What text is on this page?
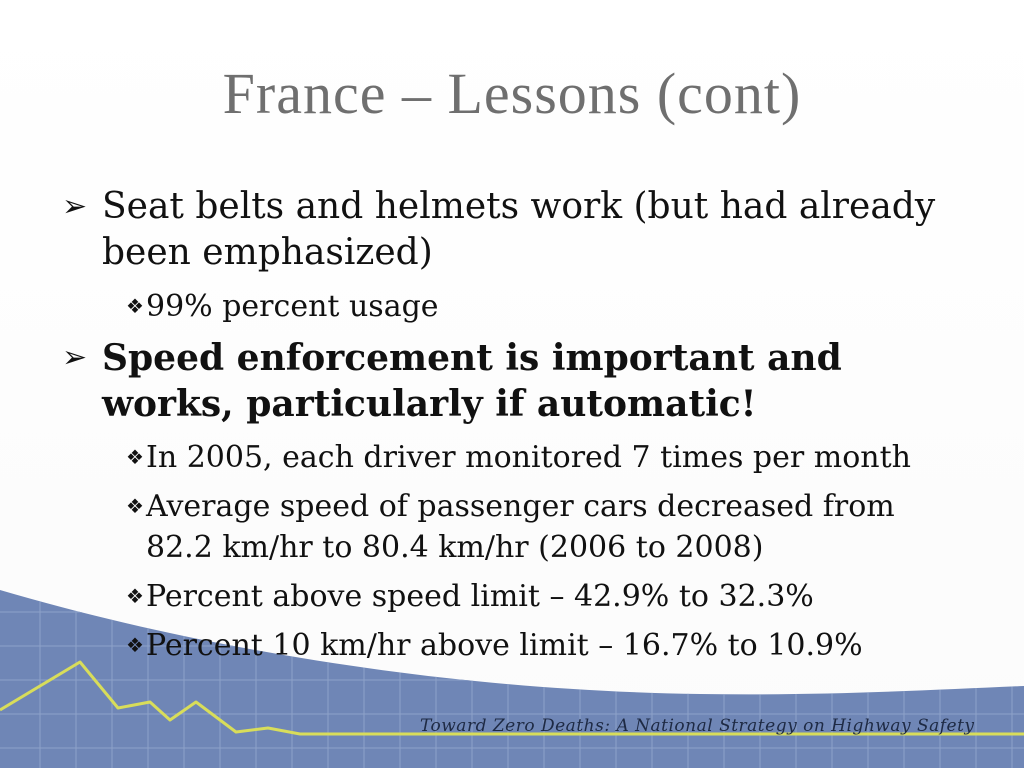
Toward Zero Deaths: A National Strategy on Highway Safety
France – Lessons (cont)
➢ Seat belts and helmets work (but had already been emphasized)
❖ 99% percent usage
➢ Speed enforcement is important and works, particularly if automatic!
❖ In 2005, each driver monitored 7 times per month
❖ Average speed of passenger cars decreased from 82.2 km/hr to 80.4 km/hr (2006 to 2008)
❖ Percent above speed limit – 42.9% to 32.3%
❖ Percent 10 km/hr above limit – 16.7% to 10.9%
